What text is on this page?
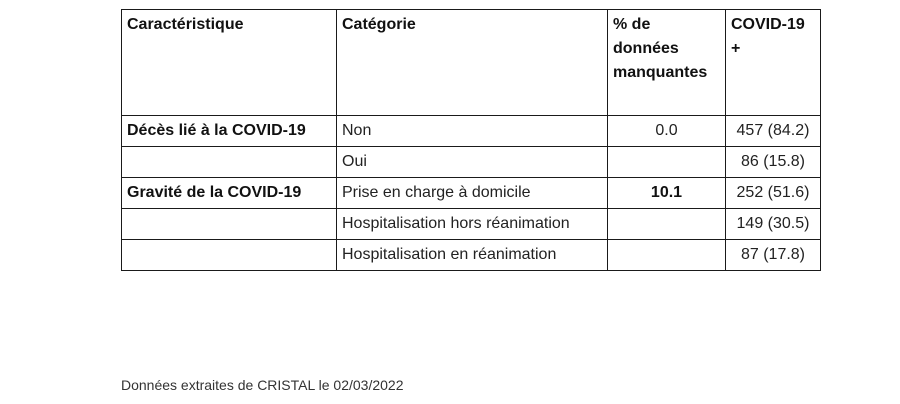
Caractéristique	Catégorie	% de données manquantes	COVID-19 +
Décès lié à la COVID-19	Non	0.0	457 (84.2)
	Oui		86 (15.8)
Gravité de la COVID-19	Prise en charge à domicile	10.1	252 (51.6)
	Hospitalisation hors réanimation		149 (30.5)
	Hospitalisation en réanimation		87 (17.8)
Données extraites de CRISTAL le 02/03/2022
